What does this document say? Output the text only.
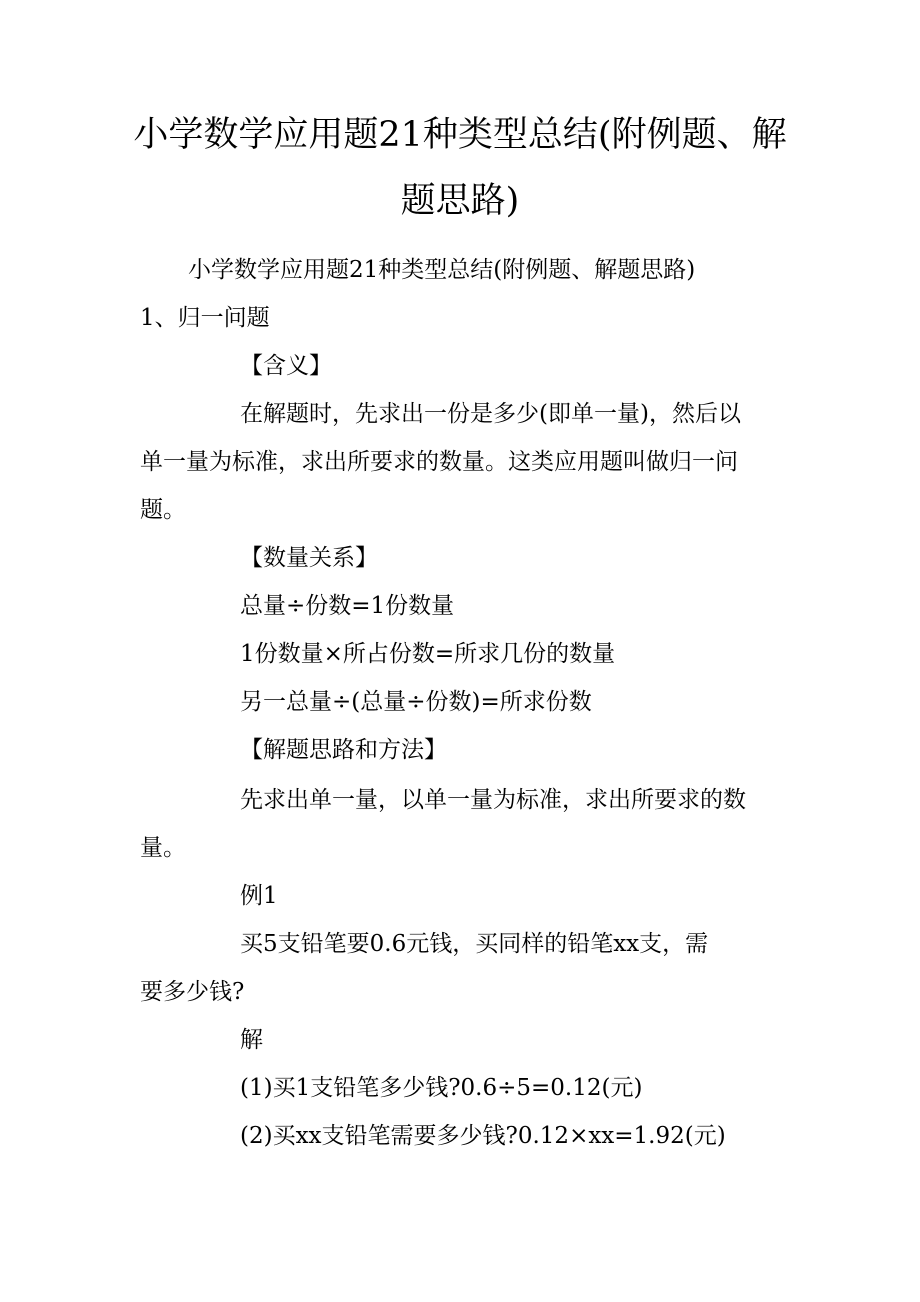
小学数学应用题21种类型总结(附例题、解
题思路)
小学数学应用题21种类型总结(附例题、解题思路)
1、归一问题
【含义】
在解题时，先求出一份是多少(即单一量)，然后以
单一量为标准，求出所要求的数量。这类应用题叫做归一问
题。
【数量关系】
总量÷份数=1份数量
1份数量×所占份数=所求几份的数量
另一总量÷(总量÷份数)=所求份数
【解题思路和方法】
先求出单一量，以单一量为标准，求出所要求的数
量。
例1
买5支铅笔要0.6元钱，买同样的铅笔xx支，需
要多少钱?
解
(1)买1支铅笔多少钱?0.6÷5=0.12(元)
(2)买xx支铅笔需要多少钱?0.12×xx=1.92(元)
